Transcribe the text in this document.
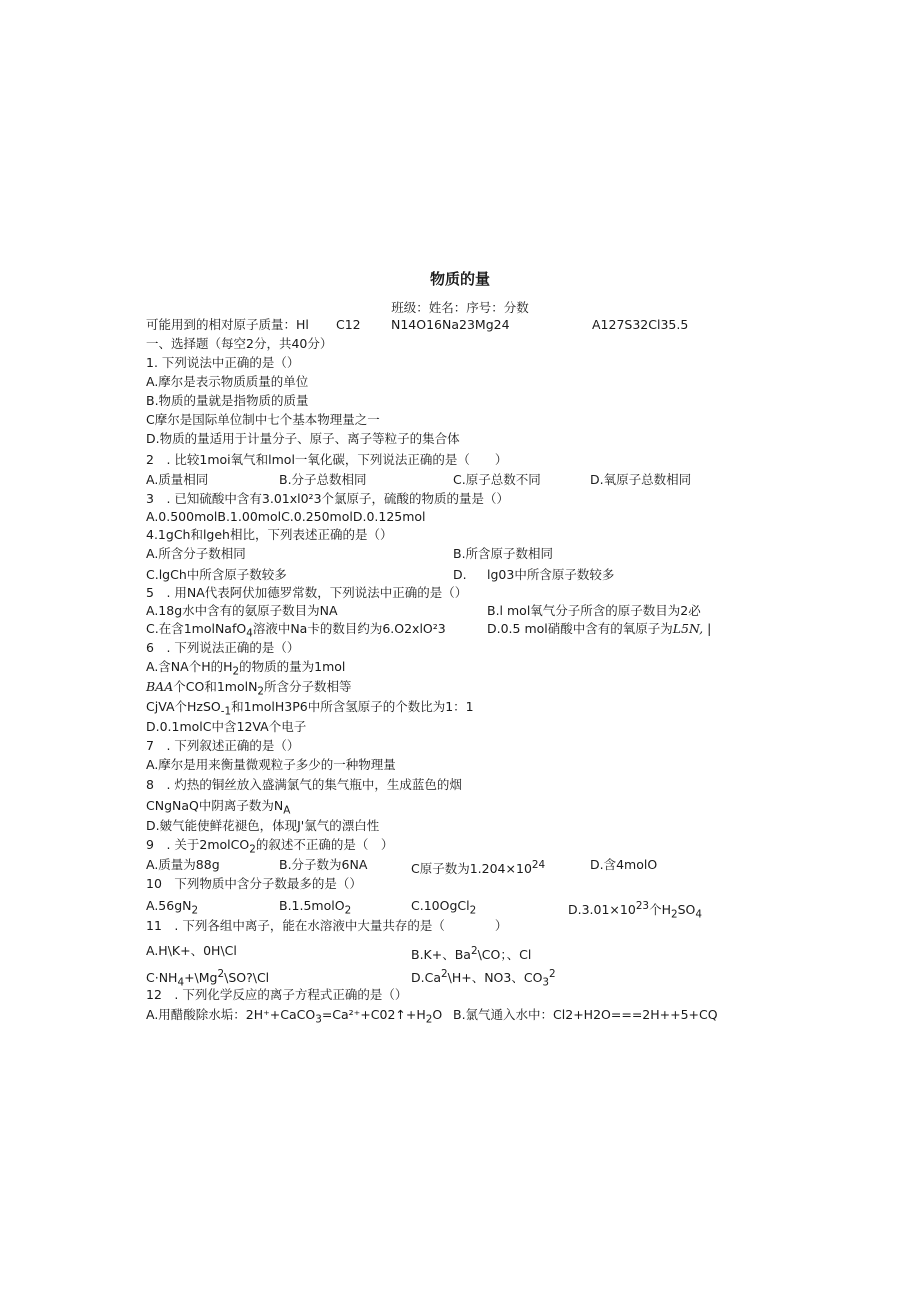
物质的量
班级：姓名：序号：分数
可能用到的相对原子质量：Hl C12 N14O16Na23Mg24	A127S32Cl35.5
一、选择题（每空2分，共40分）
1. 下列说法中正确的是（）
A.摩尔是表示物质质量的单位
B.物质的量就是指物质的质量
C摩尔是国际单位制中七个基本物理量之一
D.物质的量适用于计量分子、原子、离子等粒子的集合体
2　. 比较1moi氧气和lmol一氧化碳，下列说法正确的是（　　）
A.质量相同	B.分子总数相同	C.原子总数不同	D.氧原子总数相同
3　. 已知硫酸中含有3.01xl0²3个氯原子，硫酸的物质的量是（）
A.0.500molB.1.00molC.0.250molD.0.125mol
4.1gCh和lgeh相比，下列表述正确的是（）
A.所含分子数相同	B.所含原子数相同
C.lgCh中所含原子数较多	D. lg03中所含原子数较多
5　. 用NA代表阿伏加德罗常数，下列说法中正确的是（）
A.18g水中含有的氨原子数目为NA	B.l mol氧气分子所含的原子数目为2必
C.在含1molNafO$_4$溶液中Na卡的数目约为6.O2xlO²3	D.0.5 mol硝酸中含有的氧原子为L5N, |
6　. 下列说法正确的是（）
A.含NA个H的$H_2$的物质的量为1mol
BAA个CO和1molN$_2$所含分子数相等
CjVA个HzSO$_{-1}$和1molH3P6中所含氢原子的个数比为1：1
D.0.1molC中含12VA个电子
7　. 下列叙述正确的是（）
A.摩尔是用来衡量微观粒子多少的一种物理量
8　. 灼热的铜丝放入盛满氯气的集气瓶中，生成蓝色的烟
CNgNaQ中阴离子数为$N_A$
D.皴气能使鲜花褪色，体现J'氯气的漂白性
9　. 关于2molCO$_2$的叙述不正确的是（　）
A.质量为88g	B.分子数为6NA	C原子数为$1.204\times 10^{24}$	D.含4molO
10　下列物质中含分子数最多的是（）
$A.56gN_2$	B.1.5molO$_2$	C.10OgCl$_2$	$D.3.01\times 10^{23}$个$H_2SO_4$
11　. 下列各组中离子，能在水溶液中大量共存的是（　　　　）
A.H\K+、0H\Cl	B.K+、$Ba^2\backslash CO$；、Cl
$C\cdot NH_4+\backslash Mg^2\backslash SO?\backslash Cl$	$D.Ca^2\backslash H+$、NO3、$CO_3^2$
12　. 下列化学反应的离子方程式正确的是（）
A.用醋酸除水垢：$2H^++CaCO_3=Ca^{2+}+C02↑+H_2O$ B.氯气通入水中：Cl2+H2O===2H++5+CQ
